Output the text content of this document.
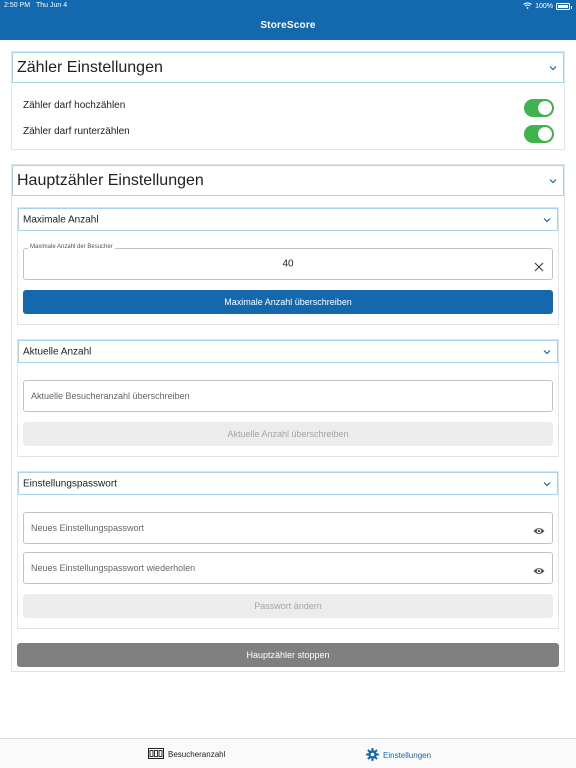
2:50 PM Thu Jun 4	100%
StoreScore
Zähler Einstellungen
Zähler darf hochzählen
Zähler darf runterzählen
Hauptzähler Einstellungen
Maximale Anzahl
Maximale Anzahl der Besucher
40
Maximale Anzahl überschreiben
Aktuelle Anzahl
Aktuelle Besucheranzahl überschreiben
Aktuelle Anzahl überschreiben
Einstellungspasswort
Neues Einstellungspasswort
Neues Einstellungspasswort wiederholen
Passwort ändern
Hauptzähler stoppen
Besucheranzahl	Einstellungen
